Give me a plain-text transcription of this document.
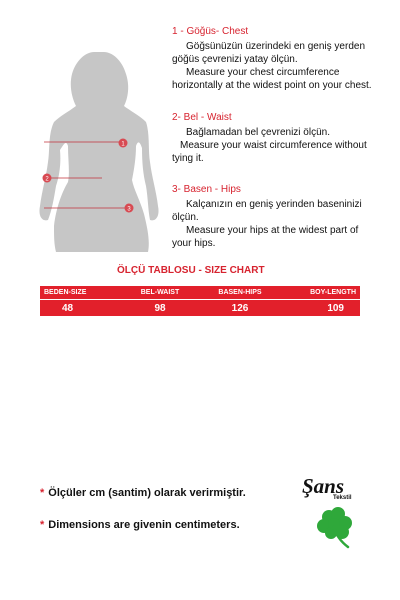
1
2
3
1 - Göğüs- Chest
Göğsünüzün üzerindeki en geniş yerden
göğüs çevrenizi yatay ölçün.
Measure your chest circumference
horizontally at the widest point on your chest.
2- Bel - Waist
Bağlamadan bel çevrenizi ölçün.
Measure your waist circumference without
tying it.
3- Basen - Hips
Kalçanızın en geniş yerinden baseninizi
ölçün.
Measure your hips at the widest part of
your hips.
ÖLÇÜ TABLOSU - SIZE CHART
BEDEN-SIZE	BEL-WAIST	BASEN-HIPS	BOY-LENGTH
48	98	126	109
* Ölçüler cm (santim) olarak verirmiştir.
* Dimensions are givenin centimeters.
Şans
Tekstil
